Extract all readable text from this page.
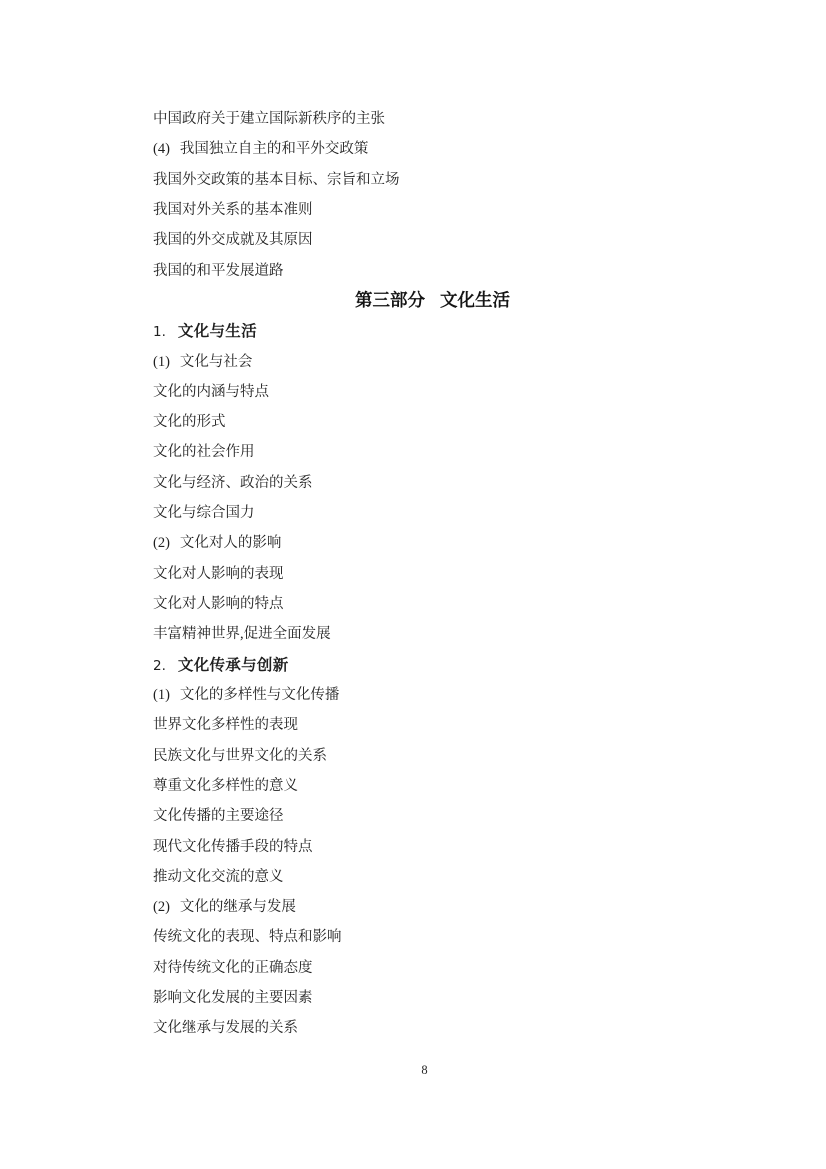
中国政府关于建立国际新秩序的主张
(4) 我国独立自主的和平外交政策
我国外交政策的基本目标、宗旨和立场
我国对外关系的基本准则
我国的外交成就及其原因
我国的和平发展道路
第三部分 文化生活
1. 文化与生活
(1) 文化与社会
文化的内涵与特点
文化的形式
文化的社会作用
文化与经济、政治的关系
文化与综合国力
(2) 文化对人的影响
文化对人影响的表现
文化对人影响的特点
丰富精神世界,促进全面发展
2. 文化传承与创新
(1) 文化的多样性与文化传播
世界文化多样性的表现
民族文化与世界文化的关系
尊重文化多样性的意义
文化传播的主要途径
现代文化传播手段的特点
推动文化交流的意义
(2) 文化的继承与发展
传统文化的表现、特点和影响
对待传统文化的正确态度
影响文化发展的主要因素
文化继承与发展的关系
8
